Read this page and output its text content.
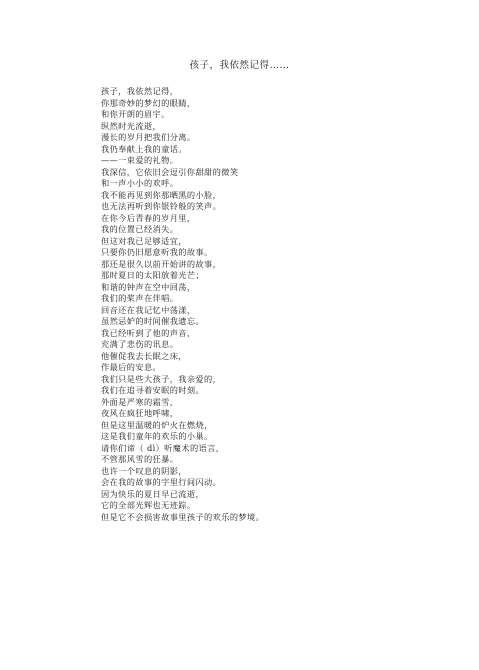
孩子，我依然记得……
孩子，我依然记得，
你那奇妙的梦幻的眼睛，
和你开朗的眉宇。
纵然时光流逝，
漫长的岁月把我们分离。
我仍奉献上我的童话。
——一束爱的礼物。
我深信，它依旧会逗引你甜甜的微笑
和一声小小的欢呼。
我不能再见到你那晒黑的小脸，
也无法再听到你银铃般的笑声。
在你今后青春的岁月里，
我的位置已经消失。
但这对我已足够适宜，
只要你仍旧愿意听我的故事。
那还是很久以前开始讲的故事，
那时夏日的太阳放着光芒；
和谐的钟声在空中回荡，
我们的桨声在伴唱。
回音还在我记忆中荡漾，
虽然忌妒的时间催我遗忘。
我已经听到了他的声音，
充满了悲伤的讯息。
他催促我去长眠之床，
作最后的安息。
我们只是些大孩子，我亲爱的，
我们在追寻着安眠的时刻。
外面是严寒的霜雪，
夜风在疯狂地呼啸，
但是这里温暖的炉火在燃烧，
这是我们童年的欢乐的小巢。
请你们谛（ dì）听魔术的语言，
不管那风雪的狂暴。
也许一个叹息的阴影，
会在我的故事的字里行间闪动。
因为快乐的夏日早已流逝，
它的全部光辉也无迹踪。
但是它不会损害故事里孩子的欢乐的梦境。
